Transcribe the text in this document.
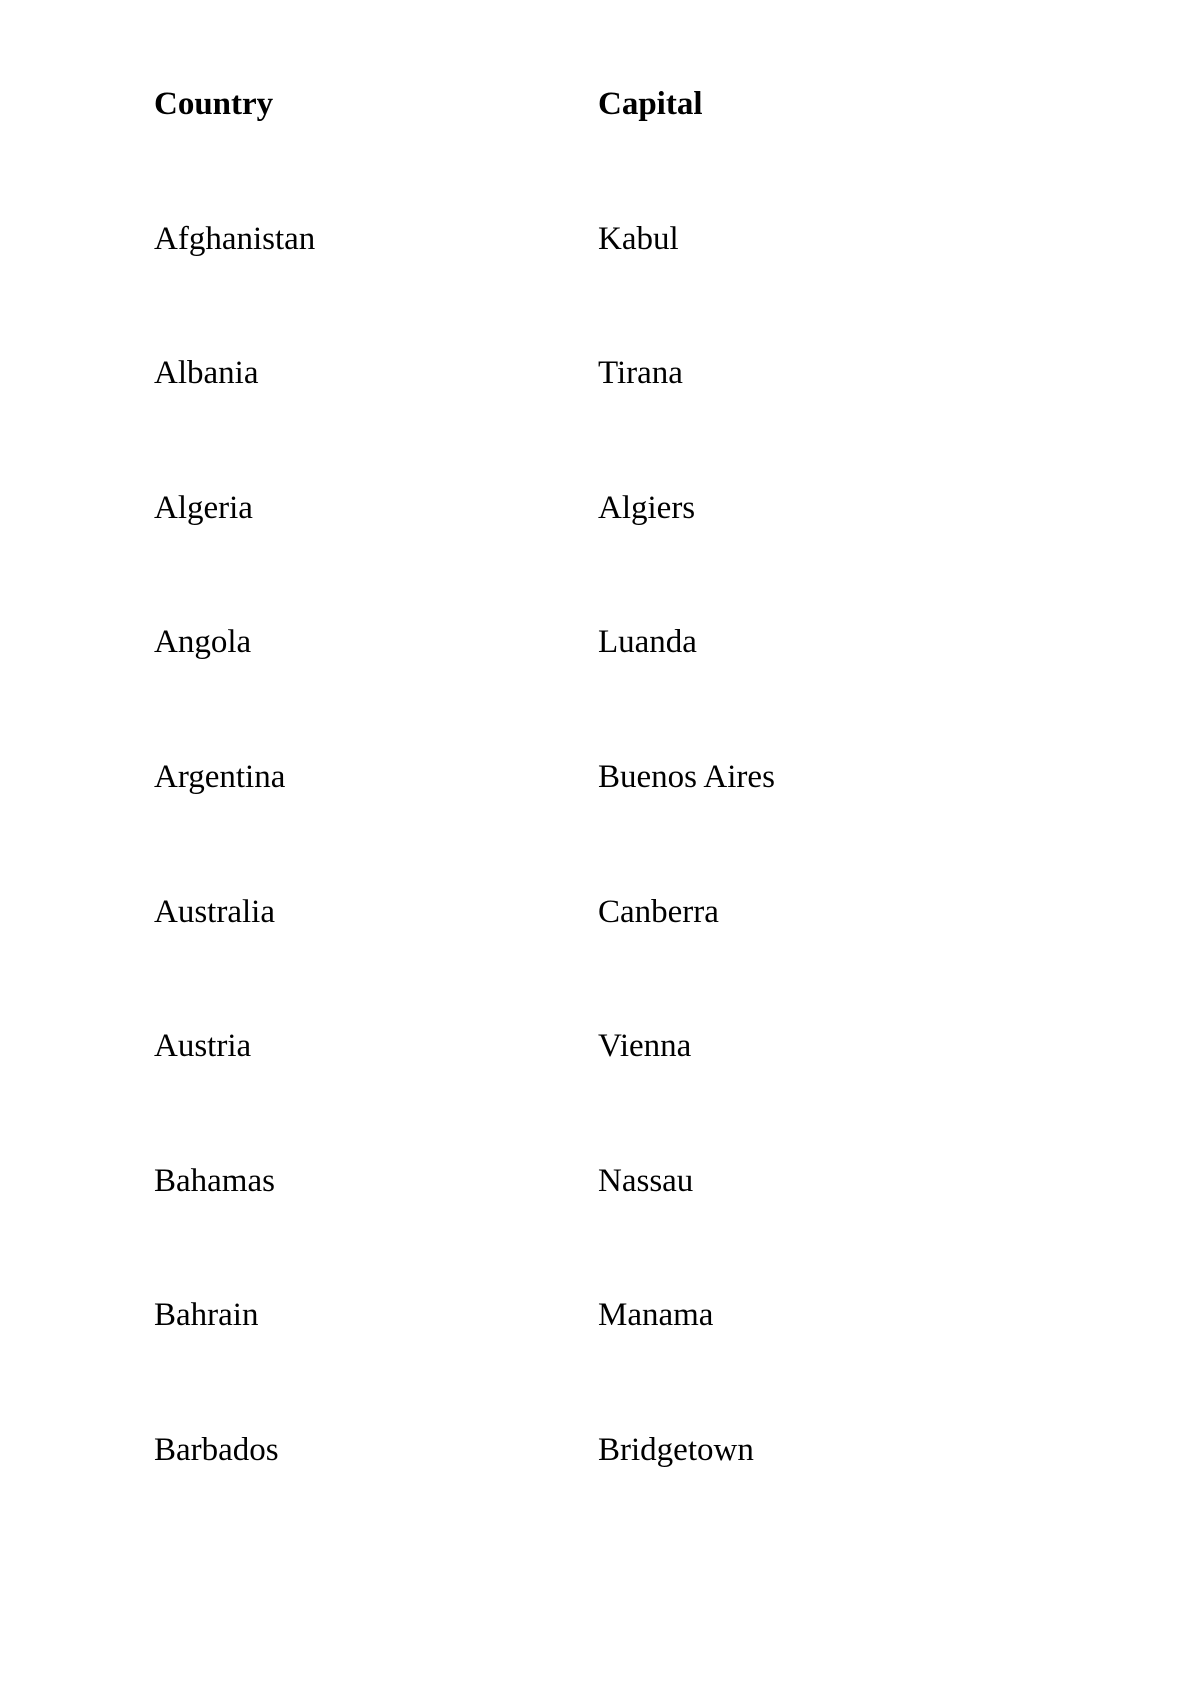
Country	Capital
Afghanistan	Kabul
Albania	Tirana
Algeria	Algiers
Angola	Luanda
Argentina	Buenos Aires
Australia	Canberra
Austria	Vienna
Bahamas	Nassau
Bahrain	Manama
Barbados	Bridgetown
